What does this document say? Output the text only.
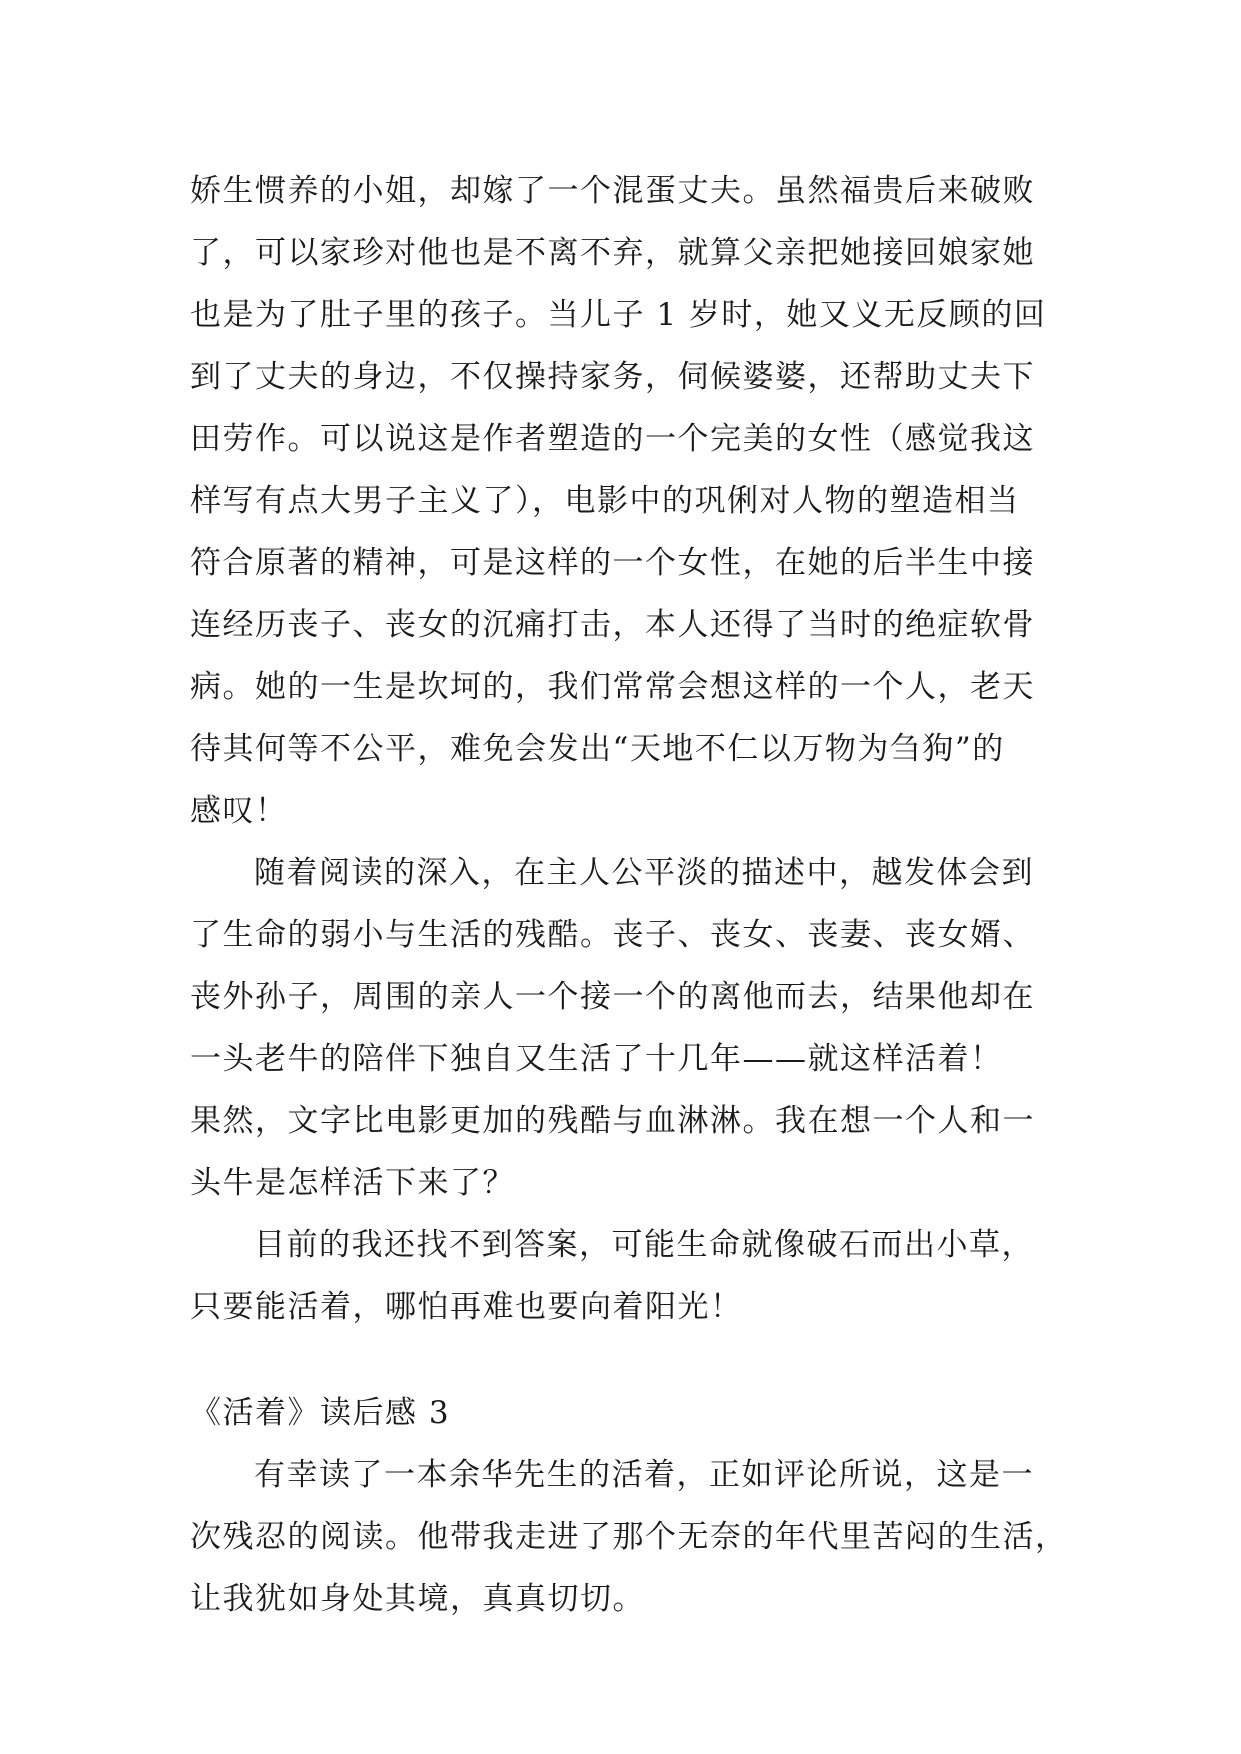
娇生惯养的小姐，却嫁了一个混蛋丈夫。虽然福贵后来破败
了，可以家珍对他也是不离不弃，就算父亲把她接回娘家她
也是为了肚子里的孩子。当儿子 1 岁时，她又义无反顾的回
到了丈夫的身边，不仅操持家务，伺候婆婆，还帮助丈夫下
田劳作。可以说这是作者塑造的一个完美的女性（感觉我这
样写有点大男子主义了），电影中的巩俐对人物的塑造相当
符合原著的精神，可是这样的一个女性，在她的后半生中接
连经历丧子、丧女的沉痛打击，本人还得了当时的绝症软骨
病。她的一生是坎坷的，我们常常会想这样的一个人，老天
待其何等不公平，难免会发出“天地不仁以万物为刍狗”的
感叹！
随着阅读的深入，在主人公平淡的描述中，越发体会到
了生命的弱小与生活的残酷。丧子、丧女、丧妻、丧女婿、
丧外孙子，周围的亲人一个接一个的离他而去，结果他却在
一头老牛的陪伴下独自又生活了十几年——就这样活着！
果然，文字比电影更加的残酷与血淋淋。我在想一个人和一
头牛是怎样活下来了？
目前的我还找不到答案，可能生命就像破石而出小草，
只要能活着，哪怕再难也要向着阳光！
《活着》读后感 3
有幸读了一本余华先生的活着，正如评论所说，这是一
次残忍的阅读。他带我走进了那个无奈的年代里苦闷的生活，
让我犹如身处其境，真真切切。
